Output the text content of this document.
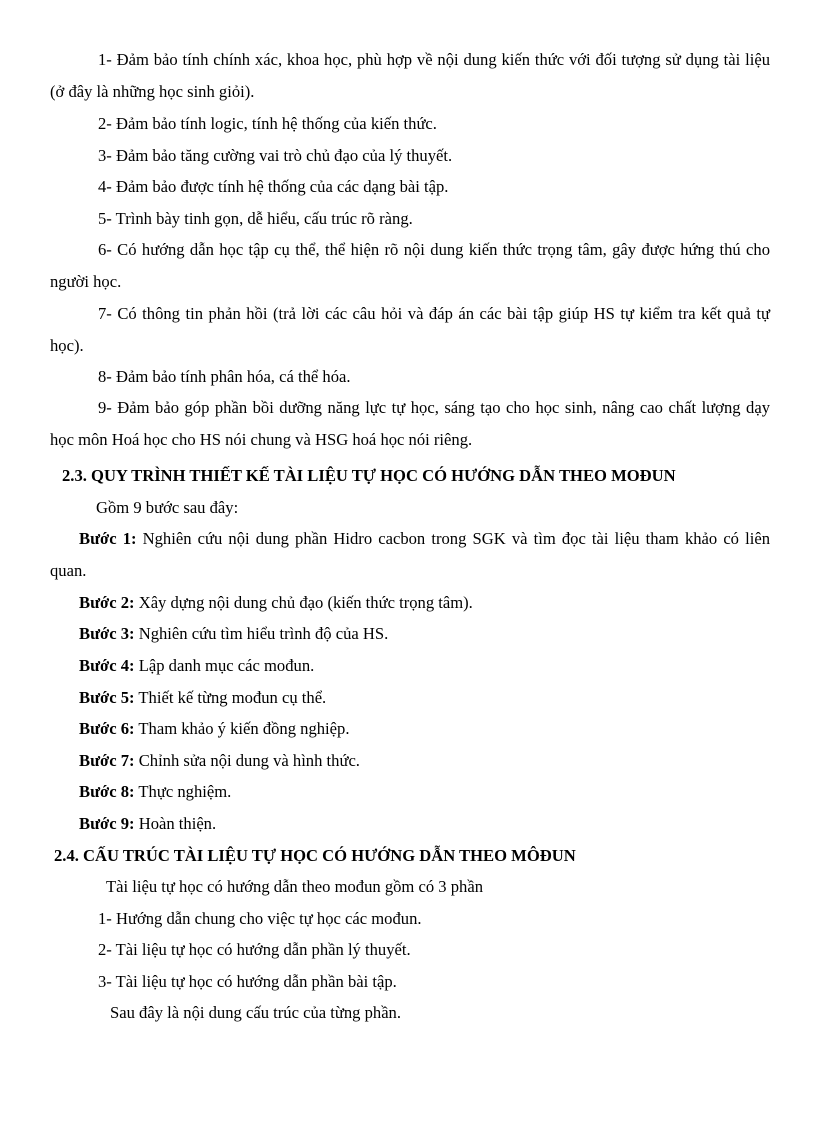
1- Đảm bảo tính chính xác, khoa học, phù hợp về nội dung kiến thức với đối tượng sử dụng tài liệu (ở đây là những học sinh giỏi).

2- Đảm bảo tính logic, tính hệ thống của kiến thức.

3- Đảm bảo tăng cường vai trò chủ đạo của lý thuyết.

4- Đảm bảo được tính hệ thống của các dạng bài tập.

5- Trình bày tinh gọn, dễ hiểu, cấu trúc rõ ràng.

6- Có hướng dẫn học tập cụ thể, thể hiện rõ nội dung kiến thức trọng tâm, gây được hứng thú cho người học.

7- Có thông tin phản hồi (trả lời các câu hỏi và đáp án các bài tập giúp HS tự kiểm tra kết quả tự học).

8- Đảm bảo tính phân hóa, cá thể hóa.

9- Đảm bảo góp phần bồi dưỡng năng lực tự học, sáng tạo cho học sinh, nâng cao chất lượng dạy học môn Hoá học cho HS nói chung và HSG hoá học nói riêng.

2.3. QUY TRÌNH THIẾT KẾ TÀI LIỆU TỰ HỌC CÓ HƯỚNG DẪN THEO MOĐUN

Gồm 9 bước sau đây:

Bước 1: Nghiên cứu nội dung phần Hidro cacbon trong SGK và tìm đọc tài liệu tham khảo có liên quan.

Bước 2: Xây dựng nội dung chủ đạo (kiến thức trọng tâm).

Bước 3: Nghiên cứu tìm hiểu trình độ của HS.

Bước 4: Lập danh mục các mođun.

Bước 5: Thiết kế từng mođun cụ thể.

Bước 6: Tham khảo ý kiến đồng nghiệp.

Bước 7: Chỉnh sửa nội dung và hình thức.

Bước 8: Thực nghiệm.

Bước 9: Hoàn thiện.

2.4. CẤU TRÚC TÀI LIỆU TỰ HỌC CÓ HƯỚNG DẪN THEO MÔĐUN

Tài liệu tự học có hướng dẫn theo mođun gồm có 3 phần

1- Hướng dẫn chung cho việc tự học các mođun.

2- Tài liệu tự học có hướng dẫn phần lý thuyết.

3- Tài liệu tự học có hướng dẫn phần bài tập.

Sau đây là nội dung cấu trúc của từng phần.
